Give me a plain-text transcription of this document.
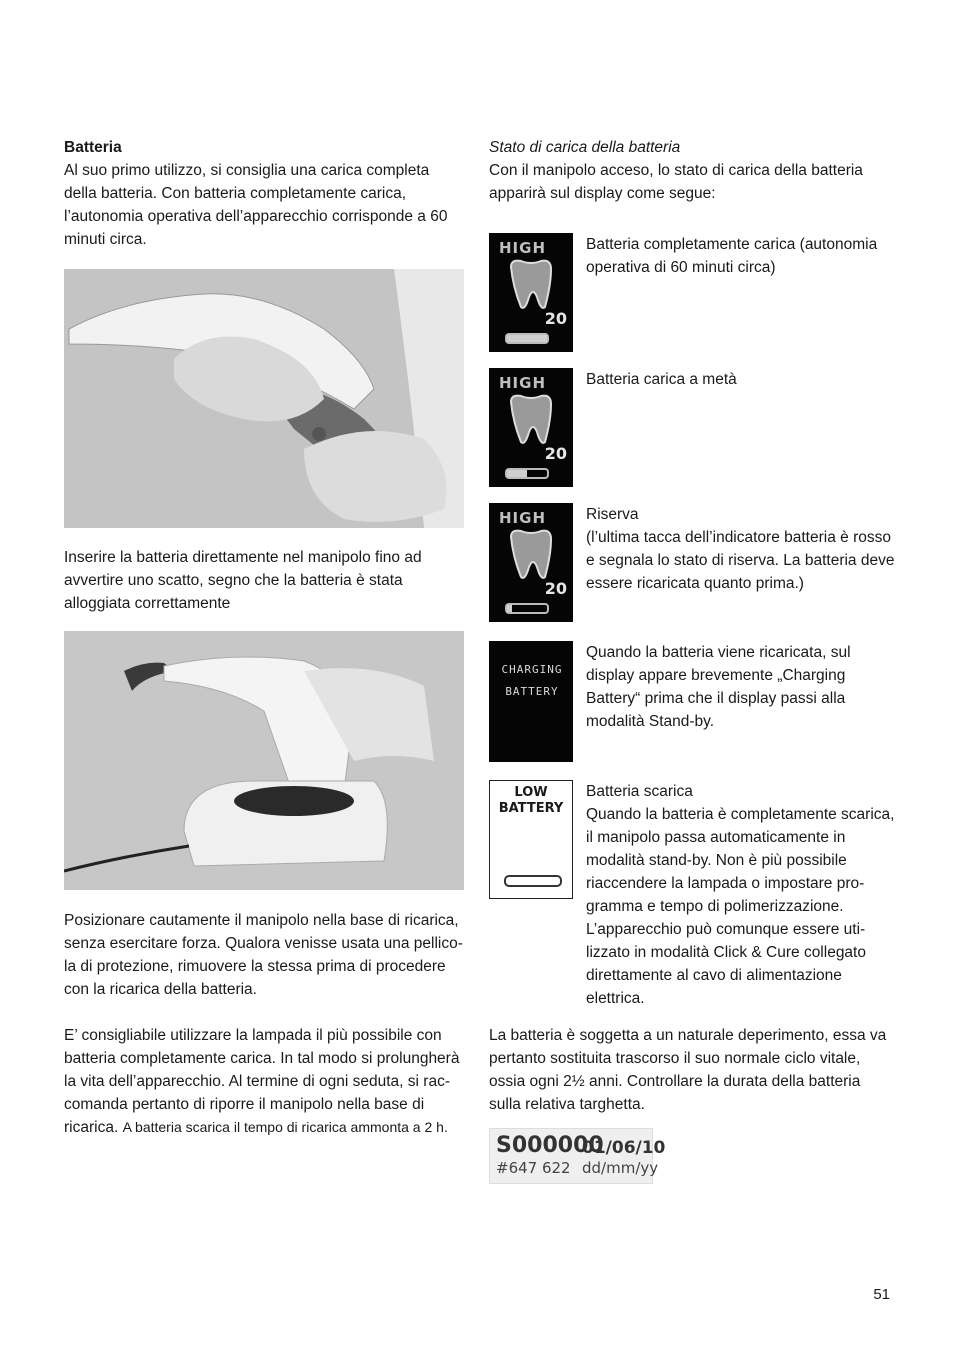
Batteria

Al suo primo utilizzo, si consiglia una carica completa della batteria. Con batteria completamente carica, l’autonomia operativa dell’apparecchio corrisponde a 60 minuti circa.

Inserire la batteria direttamente nel manipolo fino ad avvertire uno scatto, segno che la batteria è stata alloggiata correttamente

Posizionare cautamente il manipolo nella base di ricarica, senza esercitare forza. Qualora venisse usata una pellico-la di protezione, rimuovere la stessa prima di procedere con la ricarica della batteria.

E’ consigliabile utilizzare la lampada il più possibile con batteria completamente carica. In tal modo si prolungherà la vita dell’apparecchio. Al termine di ogni seduta, si rac-comanda pertanto di riporre il manipolo nella base di ricarica. A batteria scarica il tempo di ricarica ammonta a 2 h.

Stato di carica della batteria

Con il manipolo acceso, lo stato di carica della batteria apparirà sul display come segue:

HIGH
20

Batteria completamente carica (autonomia operativa di 60 minuti circa)

HIGH
20

Batteria carica a metà

HIGH
20

Riserva

(l’ultima tacca dell’indicatore batteria è rosso e segnala lo stato di riserva. La batteria deve essere ricaricata quanto prima.)

CHARGING
BATTERY

Quando la batteria viene ricaricata, sul display appare brevemente „Charging Battery“ prima che il display passi alla modalità Stand-by.

LOW
BATTERY

Batteria scarica

Quando la batteria è completamente scarica, il manipolo passa automaticamente in modalità stand-by. Non è più possibile riaccendere la lampada o impostare pro-gramma e tempo di polimerizzazione. L’apparecchio può comunque essere uti-lizzato in modalità Click & Cure collegato direttamente al cavo di alimentazione elettrica.

La batteria è soggetta a un naturale deperimento, essa va pertanto sostituita trascorso il suo normale ciclo vitale, ossia ogni 2½ anni. Controllare la durata della batteria sulla relativa targhetta.

S000000
01/06/10
#647 622 dd/mm/yy
51
